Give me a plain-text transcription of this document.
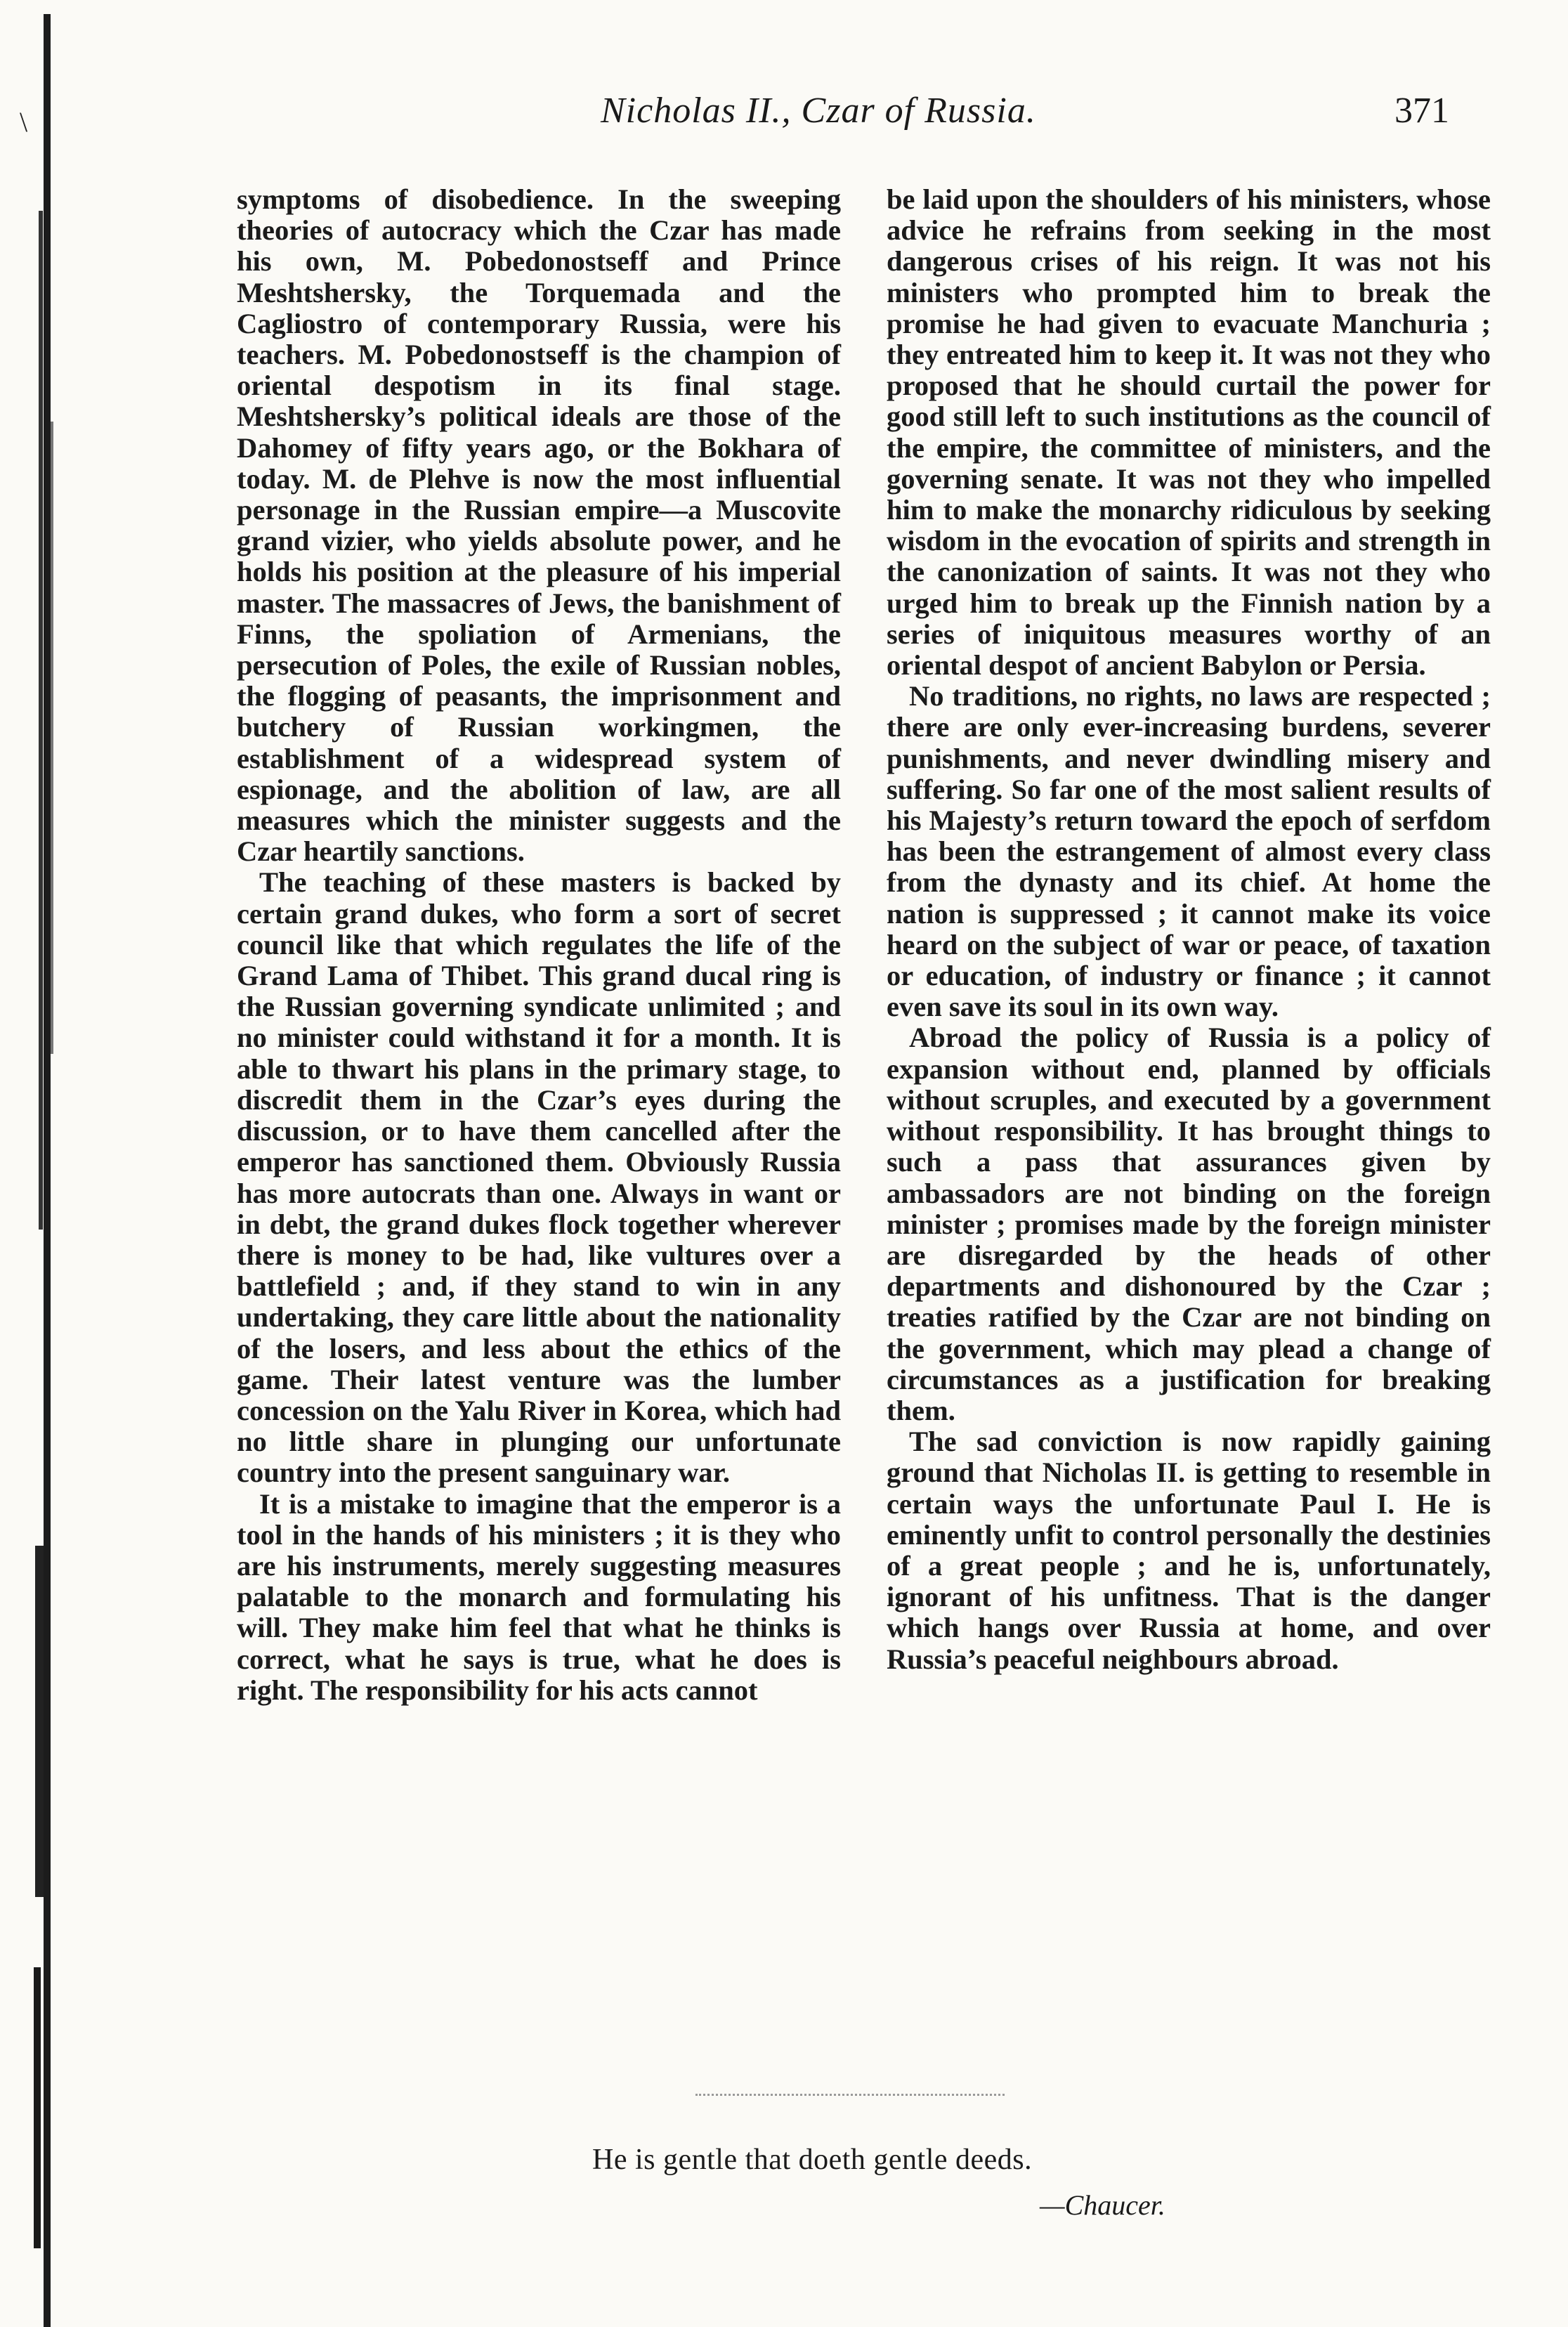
\	Nicholas II., Czar of Russia.	371

symptoms of disobedience. In the sweeping theories of autocracy which the Czar has made his own, M. Pobedonostseff and Prince Meshtshersky, the Torquemada and the Cagliostro of contemporary Russia, were his teachers. M. Pobedonostseff is the champion of oriental despotism in its final stage. Meshtshersky’s political ideals are those of the Dahomey of fifty years ago, or the Bokhara of today. M. de Plehve is now the most influential personage in the Russian empire—a Muscovite grand vizier, who yields absolute power, and he holds his position at the pleasure of his imperial master. The massacres of Jews, the banishment of Finns, the spoliation of Armenians, the persecution of Poles, the exile of Russian nobles, the flogging of peasants, the imprisonment and butchery of Russian workingmen, the establishment of a widespread system of espionage, and the abolition of law, are all measures which the minister suggests and the Czar heartily sanctions.

The teaching of these masters is backed by certain grand dukes, who form a sort of secret council like that which regulates the life of the Grand Lama of Thibet. This grand ducal ring is the Russian governing syndicate unlimited ; and no minister could withstand it for a month. It is able to thwart his plans in the primary stage, to discredit them in the Czar’s eyes during the discussion, or to have them cancelled after the emperor has sanctioned them. Obviously Russia has more autocrats than one. Always in want or in debt, the grand dukes flock together wherever there is money to be had, like vultures over a battlefield ; and, if they stand to win in any undertaking, they care little about the nationality of the losers, and less about the ethics of the game. Their latest venture was the lumber concession on the Yalu River in Korea, which had no little share in plunging our unfortunate country into the present sanguinary war.

It is a mistake to imagine that the emperor is a tool in the hands of his ministers ; it is they who are his instruments, merely suggesting measures palatable to the monarch and formulating his will. They make him feel that what he thinks is correct, what he says is true, what he does is right. The responsibility for his acts cannot

be laid upon the shoulders of his ministers, whose advice he refrains from seeking in the most dangerous crises of his reign. It was not his ministers who prompted him to break the promise he had given to evacuate Manchuria ; they entreated him to keep it. It was not they who proposed that he should curtail the power for good still left to such institutions as the council of the empire, the committee of ministers, and the governing senate. It was not they who impelled him to make the monarchy ridiculous by seeking wisdom in the evocation of spirits and strength in the canonization of saints. It was not they who urged him to break up the Finnish nation by a series of iniquitous measures worthy of an oriental despot of ancient Babylon or Persia.

No traditions, no rights, no laws are respected ; there are only ever-increasing burdens, severer punishments, and never dwindling misery and suffering. So far one of the most salient results of his Majesty’s return toward the epoch of serfdom has been the estrangement of almost every class from the dynasty and its chief. At home the nation is suppressed ; it cannot make its voice heard on the subject of war or peace, of taxation or education, of industry or finance ; it cannot even save its soul in its own way.

Abroad the policy of Russia is a policy of expansion without end, planned by officials without scruples, and executed by a government without responsibility. It has brought things to such a pass that assurances given by ambassadors are not binding on the foreign minister ; promises made by the foreign minister are disregarded by the heads of other departments and dishonoured by the Czar ; treaties ratified by the Czar are not binding on the government, which may plead a change of circumstances as a justification for breaking them.

The sad conviction is now rapidly gaining ground that Nicholas II. is getting to resemble in certain ways the unfortunate Paul I. He is eminently unfit to control personally the destinies of a great people ; and he is, unfortunately, ignorant of his unfitness. That is the danger which hangs over Russia at home, and over Russia’s peaceful neighbours abroad.

He is gentle that doeth gentle deeds.
—Chaucer.
